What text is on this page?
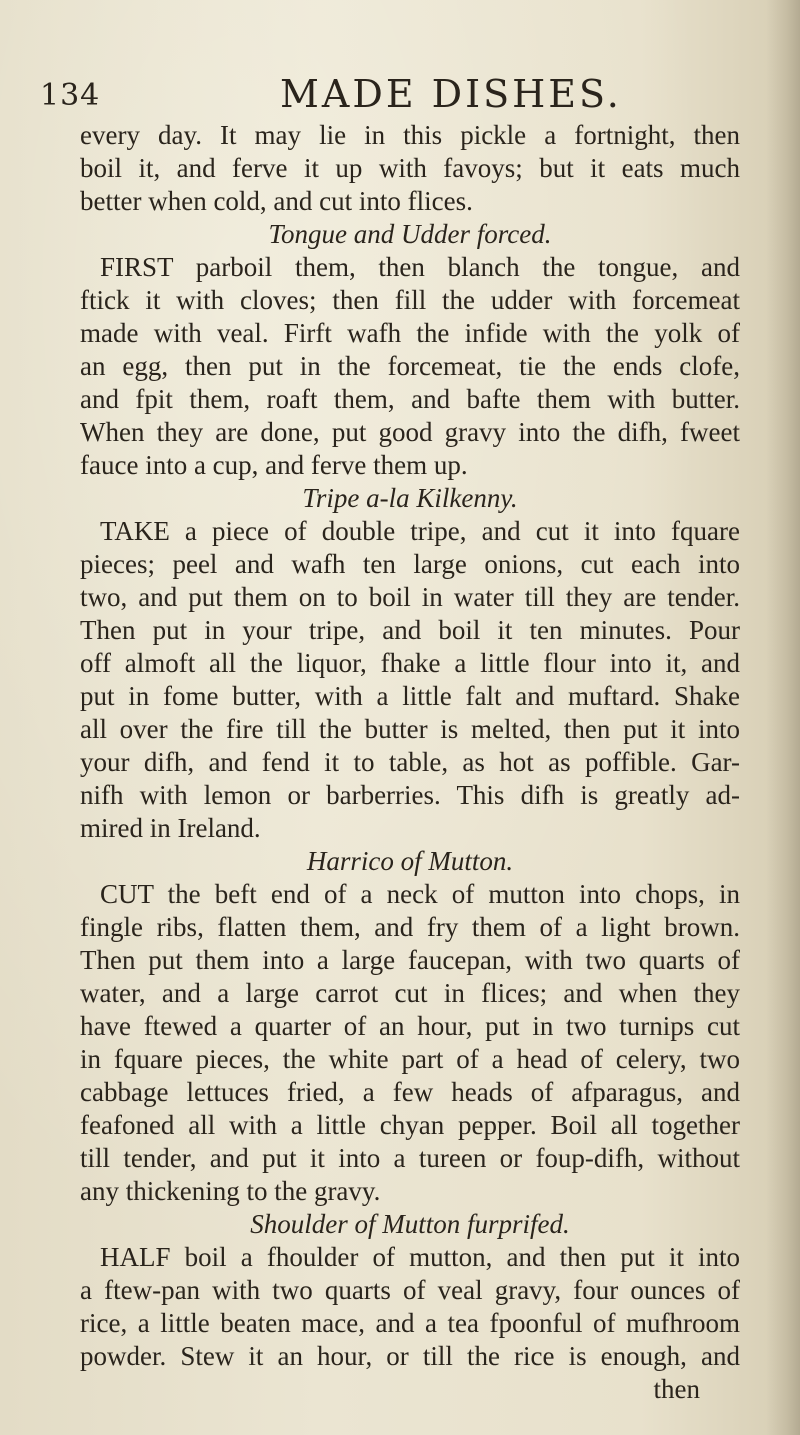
134	MADE DISHES.
every day. It may lie in this pickle a fortnight, then
boil it, and ferve it up with favoys; but it eats much
better when cold, and cut into flices.
Tongue and Udder forced.
FIRST parboil them, then blanch the tongue, and
ftick it with cloves; then fill the udder with forcemeat
made with veal. Firft wafh the infide with the yolk of
an egg, then put in the forcemeat, tie the ends clofe,
and fpit them, roaft them, and bafte them with butter.
When they are done, put good gravy into the difh, fweet
fauce into a cup, and ferve them up.
Tripe a-la Kilkenny.
TAKE a piece of double tripe, and cut it into fquare
pieces; peel and wafh ten large onions, cut each into
two, and put them on to boil in water till they are tender.
Then put in your tripe, and boil it ten minutes. Pour
off almoft all the liquor, fhake a little flour into it, and
put in fome butter, with a little falt and muftard. Shake
all over the fire till the butter is melted, then put it into
your difh, and fend it to table, as hot as poffible. Gar-
nifh with lemon or barberries. This difh is greatly ad-
mired in Ireland.
Harrico of Mutton.
CUT the beft end of a neck of mutton into chops, in
fingle ribs, flatten them, and fry them of a light brown.
Then put them into a large faucepan, with two quarts of
water, and a large carrot cut in flices; and when they
have ftewed a quarter of an hour, put in two turnips cut
in fquare pieces, the white part of a head of celery, two
cabbage lettuces fried, a few heads of afparagus, and
feafoned all with a little chyan pepper. Boil all together
till tender, and put it into a tureen or foup-difh, without
any thickening to the gravy.
Shoulder of Mutton furprifed.
HALF boil a fhoulder of mutton, and then put it into
a ftew-pan with two quarts of veal gravy, four ounces of
rice, a little beaten mace, and a tea fpoonful of mufhroom
powder. Stew it an hour, or till the rice is enough, and
then
